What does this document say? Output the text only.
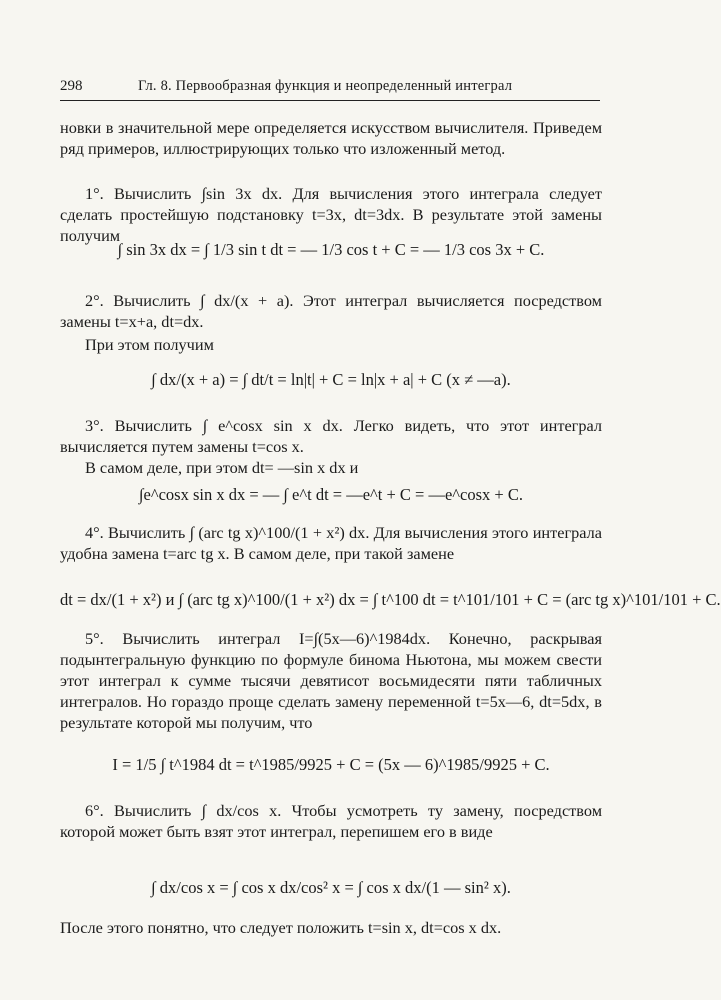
298	Гл. 8. Первообразная функция и неопределенный интеграл
новки в значительной мере определяется искусством вычислителя. Приведем ряд примеров, иллюстрирующих только что изложенный метод.
1°. Вычислить ∫sin 3x dx. Для вычисления этого интеграла следует сделать простейшую подстановку t=3x, dt=3dx. В результате этой замены получим
∫ sin 3x dx = ∫ 1/3 sin t dt = — 1/3 cos t + C = — 1/3 cos 3x + C.
2°. Вычислить ∫ dx/(x + a). Этот интеграл вычисляется посредством замены t=x+a, dt=dx.
При этом получим
∫ dx/(x + a) = ∫ dt/t = ln|t| + C = ln|x + a| + C (x ≠ —a).
3°. Вычислить ∫ e^cosx sin x dx. Легко видеть, что этот интеграл вычисляется путем замены t=cos x.
В самом деле, при этом dt= —sin x dx и
∫e^cosx sin x dx = — ∫ e^t dt = —e^t + C = —e^cosx + C.
4°. Вычислить ∫ (arc tg x)^100/(1 + x²) dx. Для вычисления этого интеграла удобна замена t=arc tg x. В самом деле, при такой замене
dt = dx/(1 + x²) и ∫ (arc tg x)^100/(1 + x²) dx = ∫ t^100 dt = t^101/101 + C = (arc tg x)^101/101 + C.
5°. Вычислить интеграл I=∫(5x—6)^1984dx. Конечно, раскрывая подынтегральную функцию по формуле бинома Ньютона, мы можем свести этот интеграл к сумме тысячи девятисот восьмидесяти пяти табличных интегралов. Но гораздо проще сделать замену переменной t=5x—6, dt=5dx, в результате которой мы получим, что
I = 1/5 ∫ t^1984 dt = t^1985/9925 + C = (5x — 6)^1985/9925 + C.
6°. Вычислить ∫ dx/cos x. Чтобы усмотреть ту замену, посредством которой может быть взят этот интеграл, перепишем его в виде
∫ dx/cos x = ∫ cos x dx/cos² x = ∫ cos x dx/(1 — sin² x).
После этого понятно, что следует положить t=sin x, dt=cos x dx.
